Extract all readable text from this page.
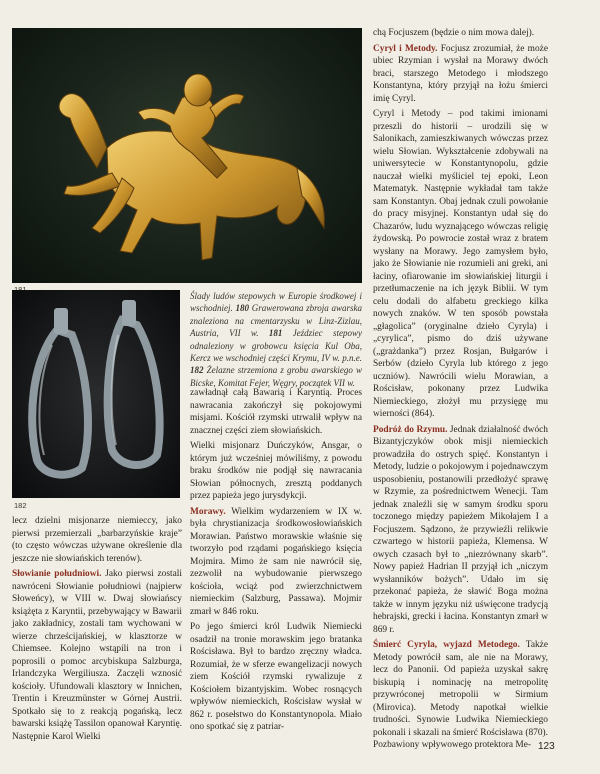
182
Ślady ludów stepowych w Europie środkowej i wschodniej. 180 Grawerowana zbroja awarska znaleziona na cmentarzysku w Linz-Zizlau, Austria, VII w. 181 Jeździec stepowy odnaleziony w grobowcu księcia Kul Oba, Kercz we wschodniej części Krymu, IV w. p.n.e. 182 Żelazne strzemiona z grobu awarskiego w Bicske, Komitat Fejer, Węgry, początek VII w.

chą Focjuszem (będzie o nim mowa dalej).

Cyryl i Metody. Focjusz zrozumiał, że może ubiec Rzymian i wysłał na Morawy dwóch braci, starszego Metodego i młodszego Konstantyna, który przyjął na łożu śmierci imię Cyryl.

Cyryl i Metody – pod takimi imionami przeszli do historii – urodzili się w Salonikach, zamieszkiwanych wówczas przez wielu Słowian. Wykształcenie zdobywali na uniwersytecie w Konstantynopolu, gdzie nauczał wielki myśliciel tej epoki, Leon Matematyk. Następnie wykładał tam także sam Konstantyn. Obaj jednak czuli powołanie do pracy misyjnej. Konstantyn udał się do Chazarów, ludu wyznającego wówczas religię żydowską. Po powrocie został wraz z bratem wysłany na Morawy. Jego zamysłem było, jako że Słowianie nie rozumieli ani greki, ani łaciny, ofiarowanie im słowiańskiej liturgii i przetłumaczenie na ich język Biblii. W tym celu dodali do alfabetu greckiego kilka nowych znaków. W ten sposób powstała „głagolica” (oryginalne dzieło Cyryla) i „cyrylica”, pismo do dziś używane („grażdanka”) przez Rosjan, Bułgarów i Serbów (dzieło Cyryla lub którego z jego uczniów). Nawrócili wielu Morawian, a Rościsław, pokonany przez Ludwika Niemieckiego, złożył mu przysięgę mu wierności (864).

Podróż do Rzymu. Jednak działalność dwóch Bizantyjczyków obok misji niemieckich prowadziła do ostrych spięć. Konstantyn i Metody, ludzie o pokojowym i pojednawczym usposobieniu, postanowili przedłożyć sprawę w Rzymie, za pośrednictwem Wenecji. Tam jednak znaleźli się w samym środku sporu toczonego między papieżem Mikołajem I a Focjuszem. Sądzono, że przywieźli relikwie czwartego w historii papieża, Klemensa. W owych czasach był to „niezrównany skarb”. Nowy papież Hadrian II przyjął ich „niczym wysłanników bożych”. Udało im się przekonać papieża, że sławić Boga można także w innym języku niż uświęcone tradycją hebrajski, grecki i łacina. Konstantyn zmarł w 869 r.

Śmierć Cyryla, wyjazd Metodego. Także Metody powrócił sam, ale nie na Morawy, lecz do Panonii. Od papieża uzyskał sakrę biskupią i nominację na metropolitę przywróconej metropolii w Sirmium (Mirovica). Metody napotkał wielkie trudności. Synowie Ludwika Niemieckiego pokonali i skazali na śmierć Rościsława (870). Pozbawiony wpływowego protektora Me-

zawładnął całą Bawarią i Karyntią. Proces nawracania zakończył się pokojowymi misjami. Kościół rzymski utrwalił wpływ na znacznej części ziem słowiańskich.

Wielki misjonarz Duńczyków, Ansgar, o którym już wcześniej mówiliśmy, z powodu braku środków nie podjął się nawracania Słowian północnych, zresztą poddanych przez papieża jego jurysdykcji.

Morawy. Wielkim wydarzeniem w IX w. była chrystianizacja środkowosłowiańskich Morawian. Państwo morawskie właśnie się tworzyło pod rządami pogańskiego księcia Mojmira. Mimo że sam nie nawrócił się, zezwolił na wybudowanie pierwszego kościoła, wciąż pod zwierzchnictwem niemieckim (Salzburg, Passawa). Mojmir zmarł w 846 roku.

Po jego śmierci król Ludwik Niemiecki osadził na tronie morawskim jego bratanka Rościsława. Był to bardzo zręczny władca. Rozumiał, że w sferze ewangelizacji nowych ziem Kościół rzymski rywalizuje z Kościołem bizantyjskim. Wobec rosnących wpływów niemieckich, Rościsław wysłał w 862 r. posełstwo do Konstantynopola. Miało ono spotkać się z patriar-

lecz dzielni misjonarze niemieccy, jako pierwsi przemierzali „barbarzyńskie kraje” (to często wówczas używane określenie dla jeszcze nie słowiańskich terenów).

Słowianie południowi. Jako pierwsi zostali nawróceni Słowianie południowi (najpierw Słoweńcy), w VIII w. Dwaj słowiańscy książęta z Karyntii, przebywający w Bawarii jako zakładnicy, zostali tam wychowani w wierze chrześcijańskiej, w klasztorze w Chiemsee. Kolejno wstąpili na tron i poprosili o pomoc arcybiskupa Salzburga, Irlandczyka Wergiliusza. Zaczęli wznosić kościoły. Ufundowali klasztory w Innichen, Trentin i Kreuzmünster w Górnej Austrii. Spotkało się to z reakcją pogańską, lecz bawarski książę Tassilon opanował Karyntię. Następnie Karol Wielki

123
